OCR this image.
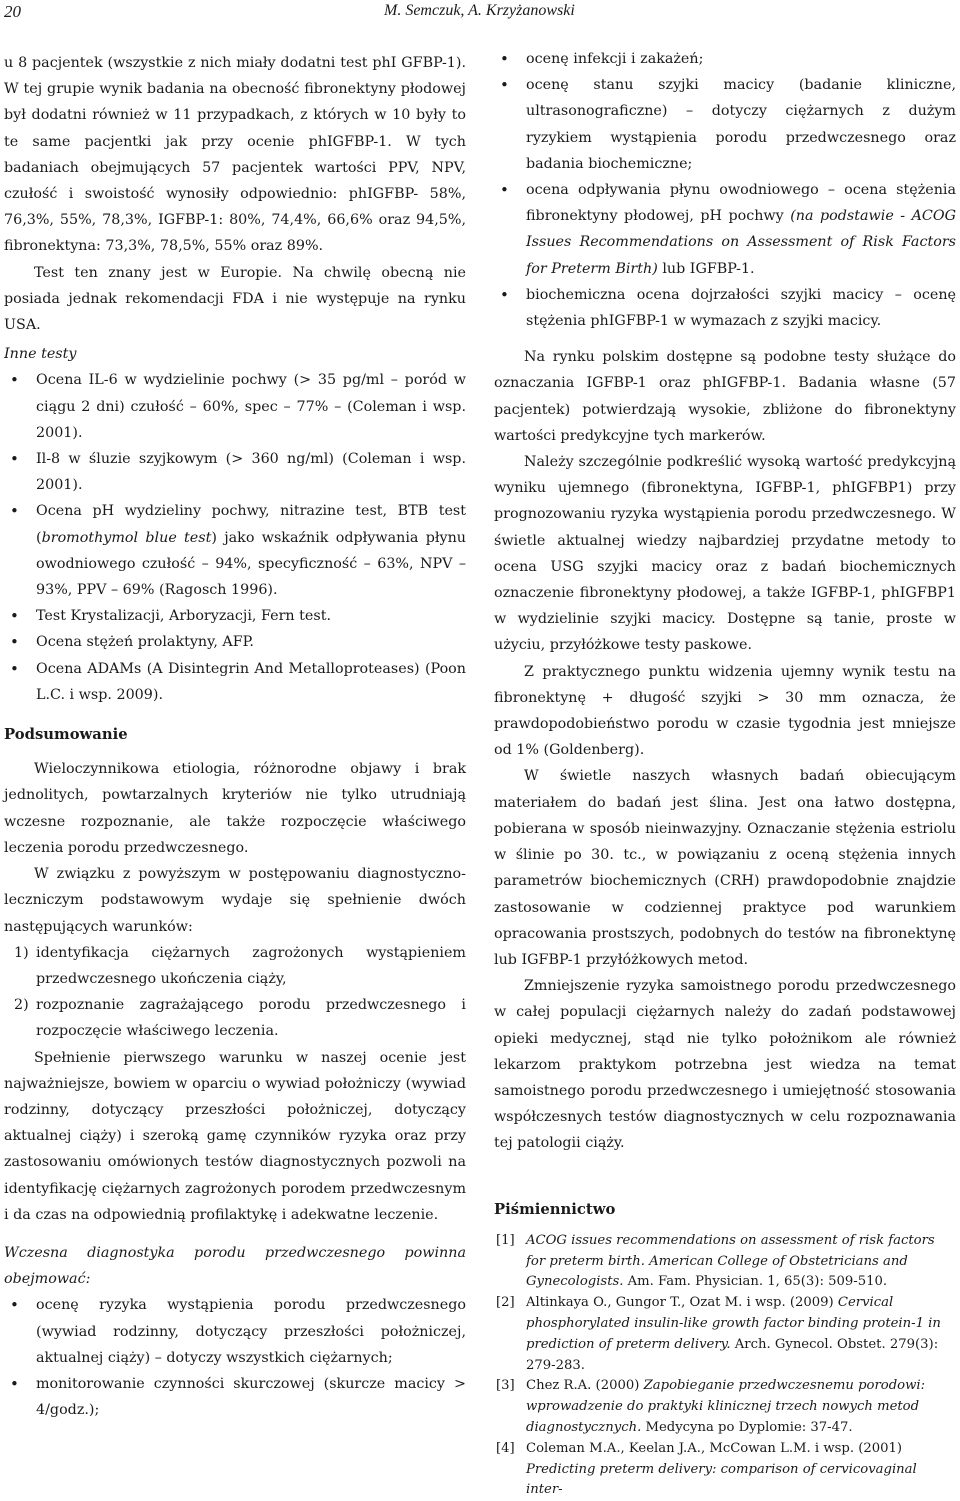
20	M. Semczuk, A. Krzyżanowski

u 8 pacjentek (wszystkie z nich miały dodatni test phI GFBP-1). W tej grupie wynik badania na obecność fibronektyny płodowej był dodatni również w 11 przypadkach, z których w 10 były to te same pacjentki jak przy ocenie phIGFBP-1. W tych badaniach obejmujących 57 pacjentek wartości PPV, NPV, czułość i swoistość wynosiły odpowiednio: phIGFBP- 58%, 76,3%, 55%, 78,3%, IGFBP-1: 80%, 74,4%, 66,6% oraz 94,5%, fibronektyna: 73,3%, 78,5%, 55% oraz 89%.

Test ten znany jest w Europie. Na chwilę obecną nie posiada jednak rekomendacji FDA i nie występuje na rynku USA.

Inne testy

• Ocena IL-6 w wydzielinie pochwy (> 35 pg/ml – poród w ciągu 2 dni) czułość – 60%, spec – 77% – (Coleman i wsp. 2001).
• Il-8 w śluzie szyjkowym (> 360 ng/ml) (Coleman i wsp. 2001).
• Ocena pH wydzieliny pochwy, nitrazine test, BTB test (bromothymol blue test) jako wskaźnik odpływania płynu owodniowego czułość – 94%, specyficzność – 63%, NPV – 93%, PPV – 69% (Ragosch 1996).
• Test Krystalizacji, Arboryzacji, Fern test.
• Ocena stężeń prolaktyny, AFP.
• Ocena ADAMs (A Disintegrin And Metalloproteases) (Poon L.C. i wsp. 2009).

Podsumowanie

Wieloczynnikowa etiologia, różnorodne objawy i brak jednolitych, powtarzalnych kryteriów nie tylko utrudniają wczesne rozpoznanie, ale także rozpoczęcie właściwego leczenia porodu przedwczesnego.

W związku z powyższym w postępowaniu diagnostyczno-leczniczym podstawowym wydaje się spełnienie dwóch następujących warunków:

1) identyfikacja ciężarnych zagrożonych wystąpieniem przedwczesnego ukończenia ciąży,
2) rozpoznanie zagrażającego porodu przedwczesnego i rozpoczęcie właściwego leczenia.

Spełnienie pierwszego warunku w naszej ocenie jest najważniejsze, bowiem w oparciu o wywiad położniczy (wywiad rodzinny, dotyczący przeszłości położniczej, dotyczący aktualnej ciąży) i szeroką gamę czynników ryzyka oraz przy zastosowaniu omówionych testów diagnostycznych pozwoli na identyfikację ciężarnych zagrożonych porodem przedwczesnym i da czas na odpowiednią profilaktykę i adekwatne leczenie.

Wczesna diagnostyka porodu przedwczesnego powinna obejmować:

• ocenę ryzyka wystąpienia porodu przedwczesnego (wywiad rodzinny, dotyczący przeszłości położniczej, aktualnej ciąży) – dotyczy wszystkich ciężarnych;
• monitorowanie czynności skurczowej (skurcze macicy > 4/godz.);
• ocenę infekcji i zakażeń;
• ocenę stanu szyjki macicy (badanie kliniczne, ultrasonograficzne) – dotyczy ciężarnych z dużym ryzykiem wystąpienia porodu przedwczesnego oraz badania biochemiczne;
• ocena odpływania płynu owodniowego – ocena stężenia fibronektyny płodowej, pH pochwy (na podstawie - ACOG Issues Recommendations on Assessment of Risk Factors for Preterm Birth) lub IGFBP-1.
• biochemiczna ocena dojrzałości szyjki macicy – ocenę stężenia phIGFBP-1 w wymazach z szyjki macicy.

Na rynku polskim dostępne są podobne testy służące do oznaczania IGFBP-1 oraz phIGFBP-1. Badania własne (57 pacjentek) potwierdzają wysokie, zbliżone do fibronektyny wartości predykcyjne tych markerów.

Należy szczególnie podkreślić wysoką wartość predykcyjną wyniku ujemnego (fibronektyna, IGFBP-1, phIGFBP1) przy prognozowaniu ryzyka wystąpienia porodu przedwczesnego. W świetle aktualnej wiedzy najbardziej przydatne metody to ocena USG szyjki macicy oraz z badań biochemicznych oznaczenie fibronektyny płodowej, a także IGFBP-1, phIGFBP1 w wydzielinie szyjki macicy. Dostępne są tanie, proste w użyciu, przyłóżkowe testy paskowe.

Z praktycznego punktu widzenia ujemny wynik testu na fibronektynę + długość szyjki > 30 mm oznacza, że prawdopodobieństwo porodu w czasie tygodnia jest mniejsze od 1% (Goldenberg).

W świetle naszych własnych badań obiecującym materiałem do badań jest ślina. Jest ona łatwo dostępna, pobierana w sposób nieinwazyjny. Oznaczanie stężenia estriolu w ślinie po 30. tc., w powiązaniu z oceną stężenia innych parametrów biochemicznych (CRH) prawdopodobnie znajdzie zastosowanie w codziennej praktyce pod warunkiem opracowania prostszych, podobnych do testów na fibronektynę lub IGFBP-1 przyłóżkowych metod.

Zmniejszenie ryzyka samoistnego porodu przedwczesnego w całej populacji ciężarnych należy do zadań podstawowej opieki medycznej, stąd nie tylko położnikom ale również lekarzom praktykom potrzebna jest wiedza na temat samoistnego porodu przedwczesnego i umiejętność stosowania współczesnych testów diagnostycznych w celu rozpoznawania tej patologii ciąży.

Piśmiennictwo

[1] ACOG issues recommendations on assessment of risk factors for preterm birth. American College of Obstetricians and Gynecologists. Am. Fam. Physician. 1, 65(3): 509-510.
[2] Altinkaya O., Gungor T., Ozat M. i wsp. (2009) Cervical phosphorylated insulin-like growth factor binding protein-1 in prediction of preterm delivery. Arch. Gynecol. Obstet. 279(3): 279-283.
[3] Chez R.A. (2000) Zapobieganie przedwczesnemu porodowi: wprowadzenie do praktyki klinicznej trzech nowych metod diagnostycznych. Medycyna po Dyplomie: 37-47.
[4] Coleman M.A., Keelan J.A., McCowan L.M. i wsp. (2001) Predicting preterm delivery: comparison of cervicovaginal inter-
